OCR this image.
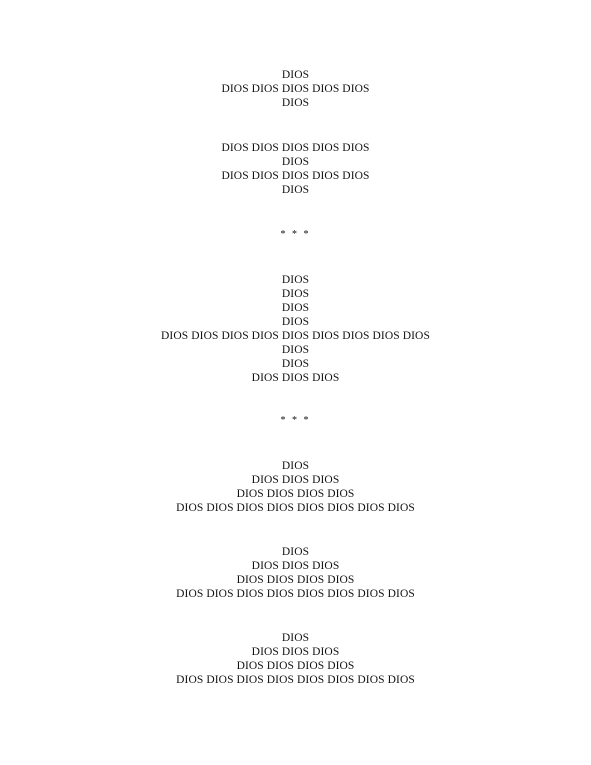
DIOS
DIOS DIOS DIOS DIOS DIOS
DIOS
DIOS DIOS DIOS DIOS DIOS
DIOS
DIOS DIOS DIOS DIOS DIOS
DIOS
* * *
DIOS
DIOS
DIOS
DIOS
DIOS DIOS DIOS DIOS DIOS DIOS DIOS DIOS DIOS
DIOS
DIOS
DIOS DIOS DIOS
* * *
DIOS
DIOS DIOS DIOS
DIOS DIOS DIOS DIOS
DIOS DIOS DIOS DIOS DIOS DIOS DIOS DIOS
DIOS
DIOS DIOS DIOS
DIOS DIOS DIOS DIOS
DIOS DIOS DIOS DIOS DIOS DIOS DIOS DIOS
DIOS
DIOS DIOS DIOS
DIOS DIOS DIOS DIOS
DIOS DIOS DIOS DIOS DIOS DIOS DIOS DIOS
